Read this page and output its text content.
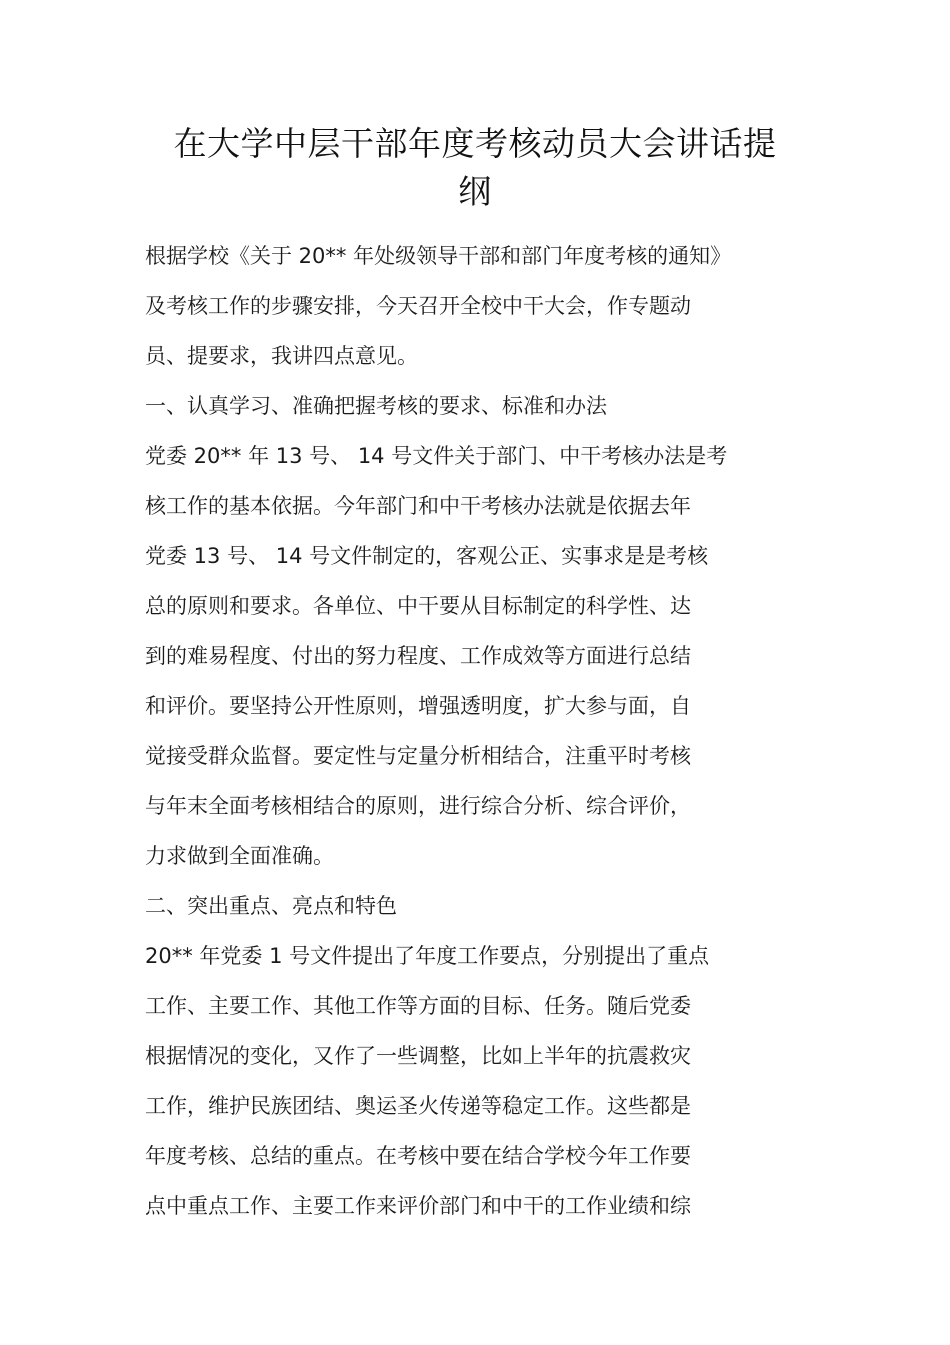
在大学中层干部年度考核动员大会讲话提
纲
根据学校《关于 20** 年处级领导干部和部门年度考核的通知》
及考核工作的步骤安排，今天召开全校中干大会，作专题动
员、提要求，我讲四点意见。
一、认真学习、准确把握考核的要求、标准和办法
党委 20** 年 13 号、 14 号文件关于部门、中干考核办法是考
核工作的基本依据。今年部门和中干考核办法就是依据去年
党委 13 号、 14 号文件制定的，客观公正、实事求是是考核
总的原则和要求。各单位、中干要从目标制定的科学性、达
到的难易程度、付出的努力程度、工作成效等方面进行总结
和评价。要坚持公开性原则，增强透明度，扩大参与面，自
觉接受群众监督。要定性与定量分析相结合，注重平时考核
与年末全面考核相结合的原则，进行综合分析、综合评价，
力求做到全面准确。
二、突出重点、亮点和特色
20** 年党委 1 号文件提出了年度工作要点，分别提出了重点
工作、主要工作、其他工作等方面的目标、任务。随后党委
根据情况的变化，又作了一些调整，比如上半年的抗震救灾
工作，维护民族团结、奥运圣火传递等稳定工作。这些都是
年度考核、总结的重点。在考核中要在结合学校今年工作要
点中重点工作、主要工作来评价部门和中干的工作业绩和综
